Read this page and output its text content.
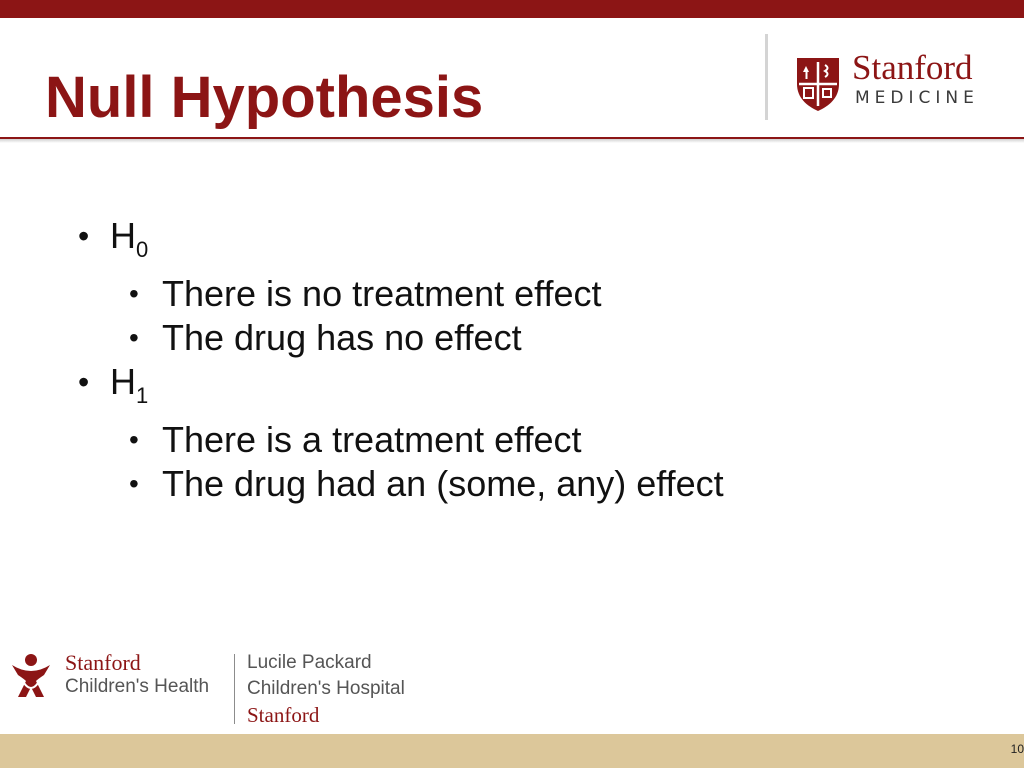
Null Hypothesis	Stanford
MEDICINE
• $H_0$
• There is no treatment effect
• The drug has no effect
• $H_1$
• There is a treatment effect
• The drug had an (some, any) effect
Stanford
Children's Health
Lucile Packard
Children's Hospital
Stanford
10
